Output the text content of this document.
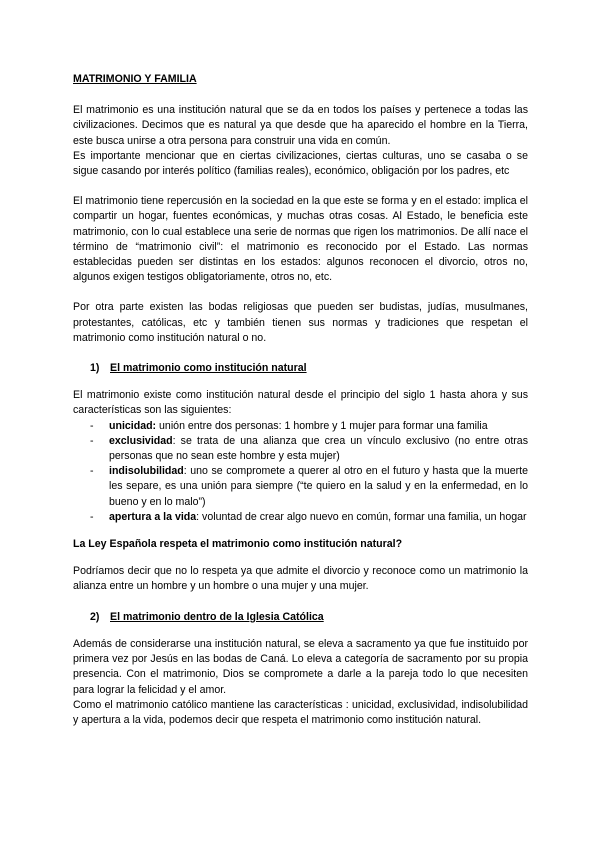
MATRIMONIO Y FAMILIA

El matrimonio es una institución natural que se da en todos los países y pertenece a todas las civilizaciones. Decimos que es natural ya que desde que ha aparecido el hombre en la Tierra, este busca unirse a otra persona para construir una vida en común.

Es importante mencionar que en ciertas civilizaciones, ciertas culturas, uno se casaba o se sigue casando por interés político (familias reales), económico, obligación por los padres, etc

El matrimonio tiene repercusión en la sociedad en la que este se forma y en el estado: implica el compartir un hogar, fuentes económicas, y muchas otras cosas. Al Estado, le beneficia este matrimonio, con lo cual establece una serie de normas que rigen los matrimonios. De allí nace el término de “matrimonio civil”: el matrimonio es reconocido por el Estado. Las normas establecidas pueden ser distintas en los estados: algunos reconocen el divorcio, otros no, algunos exigen testigos obligatoriamente, otros no, etc.

Por otra parte existen las bodas religiosas que pueden ser budistas, judías, musulmanes, protestantes, católicas, etc y también tienen sus normas y tradiciones que respetan el matrimonio como institución natural o no.

1) El matrimonio como institución natural

El matrimonio existe como institución natural desde el principio del siglo 1 hasta ahora y sus características son las siguientes:

- unicidad: unión entre dos personas: 1 hombre y 1 mujer para formar una familia
- exclusividad: se trata de una alianza que crea un vínculo exclusivo (no entre otras personas que no sean este hombre y esta mujer)
- indisolubilidad: uno se compromete a querer al otro en el futuro y hasta que la muerte les separe, es una unión para siempre (“te quiero en la salud y en la enfermedad, en lo bueno y en lo malo”)
- apertura a la vida: voluntad de crear algo nuevo en común, formar una familia, un hogar

La Ley Española respeta el matrimonio como institución natural?

Podríamos decir que no lo respeta ya que admite el divorcio y reconoce como un matrimonio la alianza entre un hombre y un hombre o una mujer y una mujer.

2) El matrimonio dentro de la Iglesia Católica

Además de considerarse una institución natural, se eleva a sacramento ya que fue instituido por primera vez por Jesús en las bodas de Caná. Lo eleva a categoría de sacramento por su propia presencia. Con el matrimonio, Dios se compromete a darle a la pareja todo lo que necesiten para lograr la felicidad y el amor.

Como el matrimonio católico mantiene las características : unicidad, exclusividad, indisolubilidad y apertura a la vida, podemos decir que respeta el matrimonio como institución natural.
